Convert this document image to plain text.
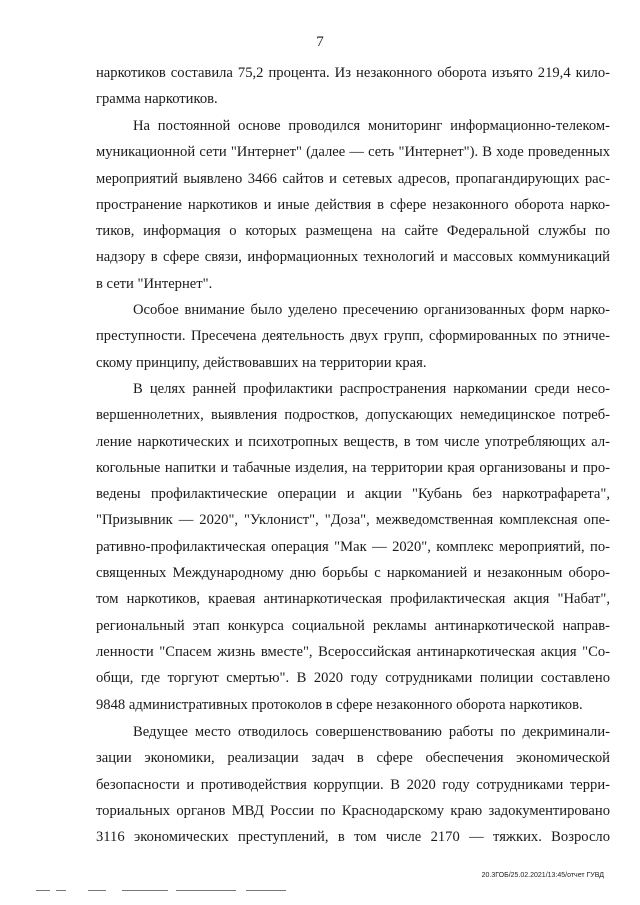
7
наркотиков составила 75,2 процента. Из незаконного оборота изъято 219,4 кило-
грамма наркотиков.
На постоянной основе проводился мониторинг информационно-телеком-
муникационной сети "Интернет" (далее — сеть "Интернет"). В ходе проведенных
мероприятий выявлено 3466 сайтов и сетевых адресов, пропагандирующих рас-
пространение наркотиков и иные действия в сфере незаконного оборота нарко-
тиков, информация о которых размещена на сайте Федеральной службы по
надзору в сфере связи, информационных технологий и массовых коммуникаций
в сети "Интернет".
Особое внимание было уделено пресечению организованных форм нарко-
преступности. Пресечена деятельность двух групп, сформированных по этниче-
скому принципу, действовавших на территории края.
В целях ранней профилактики распространения наркомании среди несо-
вершеннолетних, выявления подростков, допускающих немедицинское потреб-
ление наркотических и психотропных веществ, в том числе употребляющих ал-
когольные напитки и табачные изделия, на территории края организованы и про-
ведены профилактические операции и акции "Кубань без наркотрафарета",
"Призывник — 2020", "Уклонист", "Доза", межведомственная комплексная опе-
ративно-профилактическая операция "Мак — 2020", комплекс мероприятий, по-
священных Международному дню борьбы с наркоманией и незаконным оборо-
том наркотиков, краевая антинаркотическая профилактическая акция "Набат",
региональный этап конкурса социальной рекламы антинаркотической направ-
ленности "Спасем жизнь вместе", Всероссийская антинаркотическая акция "Со-
общи, где торгуют смертью". В 2020 году сотрудниками полиции составлено
9848 административных протоколов в сфере незаконного оборота наркотиков.
Ведущее место отводилось совершенствованию работы по декриминали-
зации экономики, реализации задач в сфере обеспечения экономической
безопасности и противодействия коррупции. В 2020 году сотрудниками терри-
ториальных органов МВД России по Краснодарскому краю задокументировано
3116 экономических преступлений, в том числе 2170 — тяжких. Возросло
20.3ГОБ/25.02.2021/13:45/отчет ГУВД
